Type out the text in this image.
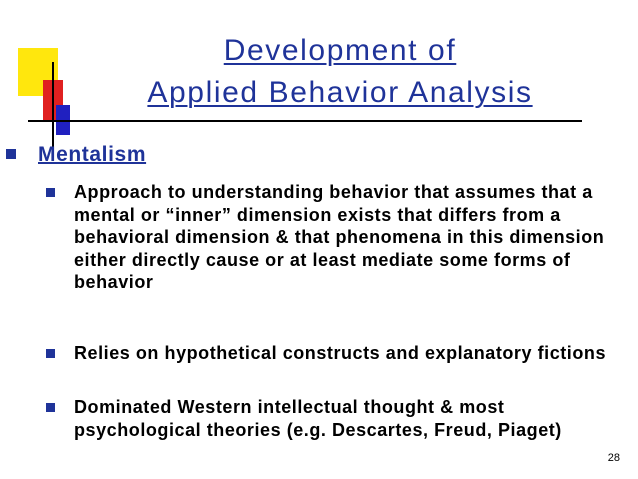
Development of
Applied Behavior Analysis
Mentalism
Approach to understanding behavior that assumes that a mental or “inner” dimension exists that differs from a behavioral dimension & that phenomena in this dimension either directly cause or at least mediate some forms of behavior
Relies on hypothetical constructs and explanatory fictions
Dominated Western intellectual thought & most psychological theories (e.g. Descartes, Freud, Piaget)
28
